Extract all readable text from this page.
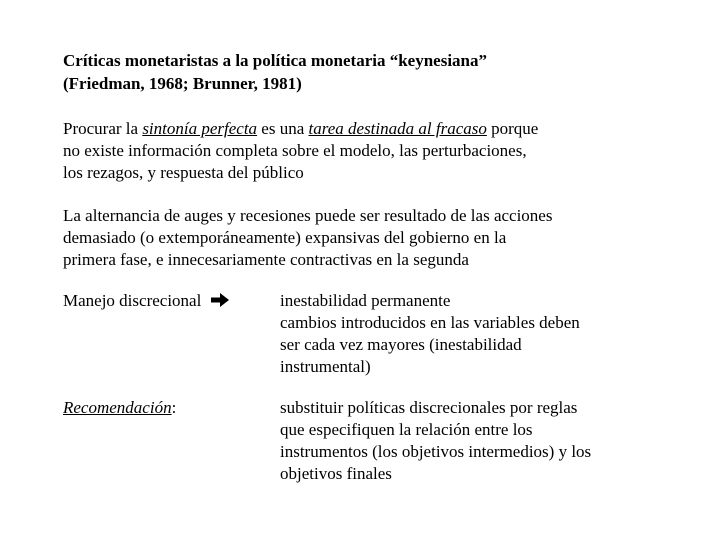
Críticas monetaristas a la política monetaria “keynesiana”
(Friedman, 1968; Brunner, 1981)
Procurar la sintonía perfecta es una tarea destinada al fracaso porque
no existe información completa sobre el modelo, las perturbaciones,
los rezagos, y respuesta del público
La alternancia de auges y recesiones puede ser resultado de las acciones
demasiado (o extemporáneamente) expansivas del gobierno en la
primera fase, e innecesariamente contractivas en la segunda
Manejo discrecional	inestabilidad permanente
cambios introducidos en las variables deben
ser cada vez mayores (inestabilidad
instrumental)
Recomendación:	substituir políticas discrecionales por reglas
que especifiquen la relación entre los
instrumentos (los objetivos intermedios) y los
objetivos finales
